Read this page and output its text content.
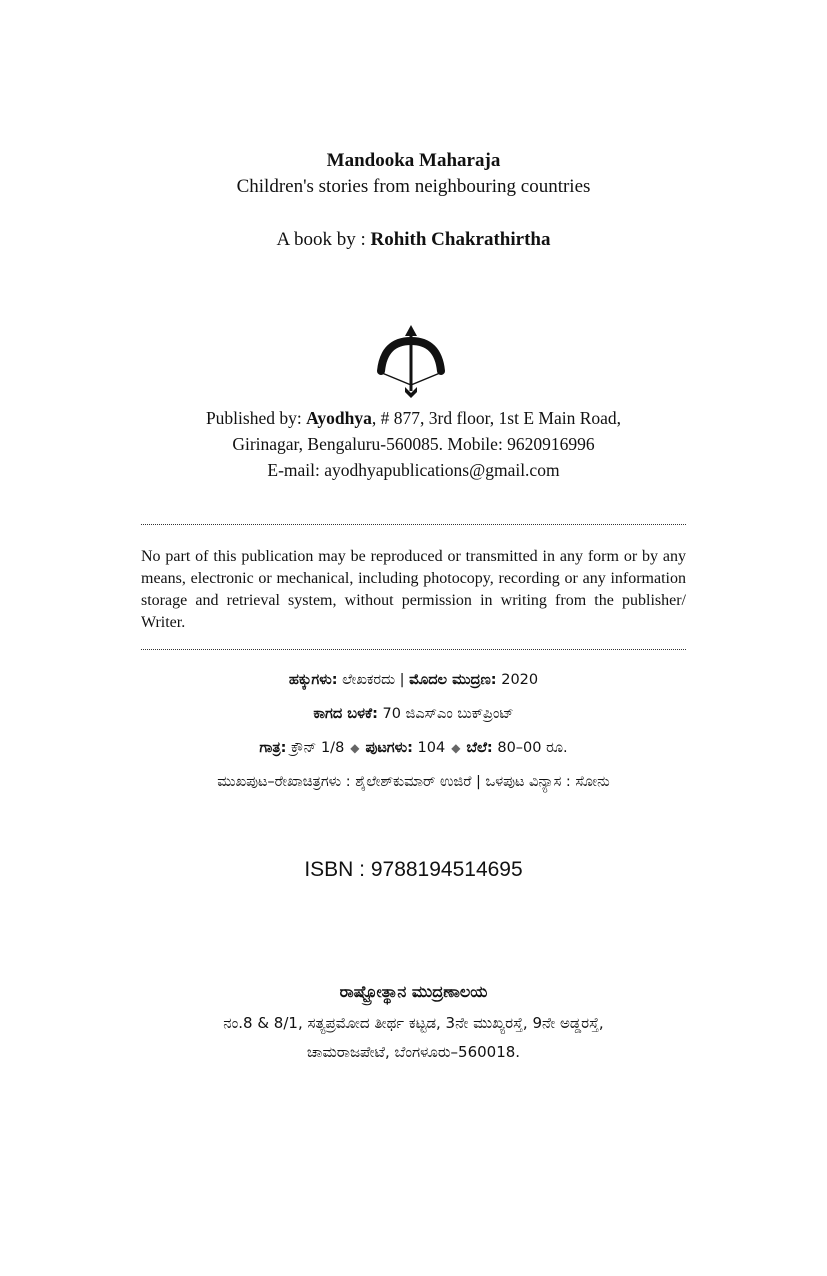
Mandooka Maharaja
Children's stories from neighbouring countries
A book by : Rohith Chakrathirtha
Published by: Ayodhya, # 877, 3rd floor, 1st E Main Road,
Girinagar, Bengaluru-560085. Mobile: 9620916996
E-mail: ayodhyapublications@gmail.com
No part of this publication may be reproduced or transmitted in any form or by any means, electronic or mechanical, including photocopy, recording or any information storage and retrieval system, without permission in writing from the publisher/ Writer.
ಹಕ್ಕುಗಳು: ಲೇಖಕರದು | ಮೊದಲ ಮುದ್ರಣ: 2020
ಕಾಗದ ಬಳಕೆ: 70 ಜಿಎಸ್‌ಎಂ ಬುಕ್‌ಪ್ರಿಂಟ್
ಗಾತ್ರ: ಕ್ರೌನ್ 1/8 ◆ ಪುಟಗಳು: 104 ◆ ಬೆಲೆ: 80–00 ರೂ.
ಮುಖಪುಟ–ರೇಖಾಚಿತ್ರಗಳು : ಶೈಲೇಶ್‌ಕುಮಾರ್ ಉಜಿರೆ | ಒಳಪುಟ ವಿನ್ಯಾಸ : ಸೋನು
ISBN : 9788194514695
ರಾಷ್ಟ್ರೋತ್ಥಾನ ಮುದ್ರಣಾಲಯ
ನಂ.8 & 8/1, ಸತ್ಯಪ್ರಮೋದ ತೀರ್ಥ ಕಟ್ಟಡ, 3ನೇ ಮುಖ್ಯರಸ್ತೆ, 9ನೇ ಅಡ್ಡರಸ್ತೆ,
ಚಾಮರಾಜಪೇಟೆ, ಬೆಂಗಳೂರು–560018.
